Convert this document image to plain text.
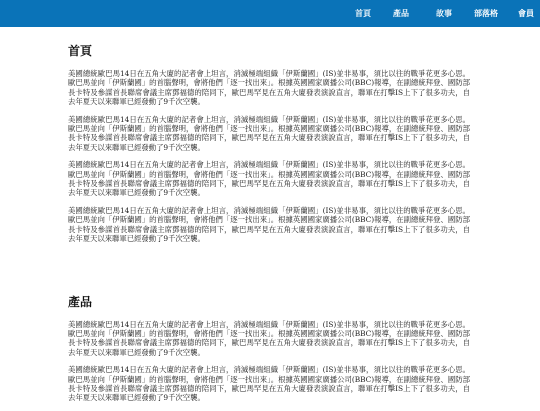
首頁	產品	故事	部落格	會員
首頁

美國總統歐巴馬14日在五角大廈的記者會上坦言，消滅極端組織「伊斯蘭國」(IS)並非易事，須比以往的戰爭花更多心思。歐巴馬並向「伊斯蘭國」的首腦聲明，會將他們「逐一找出來」。根據英國國家廣播公司(BBC)報導，在副總統拜登、國防部長卡特及參謀首長聯席會議主席鄧福德的陪同下，歐巴馬罕見在五角大廈發表演說直言，聯軍在打擊IS上下了很多功夫，自去年夏天以來聯軍已經發動了9千次空襲。

美國總統歐巴馬14日在五角大廈的記者會上坦言，消滅極端組織「伊斯蘭國」(IS)並非易事，須比以往的戰爭花更多心思。歐巴馬並向「伊斯蘭國」的首腦聲明，會將他們「逐一找出來」。根據英國國家廣播公司(BBC)報導，在副總統拜登、國防部長卡特及參謀首長聯席會議主席鄧福德的陪同下，歐巴馬罕見在五角大廈發表演說直言，聯軍在打擊IS上下了很多功夫，自去年夏天以來聯軍已經發動了9千次空襲。

美國總統歐巴馬14日在五角大廈的記者會上坦言，消滅極端組織「伊斯蘭國」(IS)並非易事，須比以往的戰爭花更多心思。歐巴馬並向「伊斯蘭國」的首腦聲明，會將他們「逐一找出來」。根據英國國家廣播公司(BBC)報導，在副總統拜登、國防部長卡特及參謀首長聯席會議主席鄧福德的陪同下，歐巴馬罕見在五角大廈發表演說直言，聯軍在打擊IS上下了很多功夫，自去年夏天以來聯軍已經發動了9千次空襲。

美國總統歐巴馬14日在五角大廈的記者會上坦言，消滅極端組織「伊斯蘭國」(IS)並非易事，須比以往的戰爭花更多心思。歐巴馬並向「伊斯蘭國」的首腦聲明，會將他們「逐一找出來」。根據英國國家廣播公司(BBC)報導，在副總統拜登、國防部長卡特及參謀首長聯席會議主席鄧福德的陪同下，歐巴馬罕見在五角大廈發表演說直言，聯軍在打擊IS上下了很多功夫，自去年夏天以來聯軍已經發動了9千次空襲。

產品

美國總統歐巴馬14日在五角大廈的記者會上坦言，消滅極端組織「伊斯蘭國」(IS)並非易事，須比以往的戰爭花更多心思。歐巴馬並向「伊斯蘭國」的首腦聲明，會將他們「逐一找出來」。根據英國國家廣播公司(BBC)報導，在副總統拜登、國防部長卡特及參謀首長聯席會議主席鄧福德的陪同下，歐巴馬罕見在五角大廈發表演說直言，聯軍在打擊IS上下了很多功夫，自去年夏天以來聯軍已經發動了9千次空襲。

美國總統歐巴馬14日在五角大廈的記者會上坦言，消滅極端組織「伊斯蘭國」(IS)並非易事，須比以往的戰爭花更多心思。歐巴馬並向「伊斯蘭國」的首腦聲明，會將他們「逐一找出來」。根據英國國家廣播公司(BBC)報導，在副總統拜登、國防部長卡特及參謀首長聯席會議主席鄧福德的陪同下，歐巴馬罕見在五角大廈發表演說直言，聯軍在打擊IS上下了很多功夫，自去年夏天以來聯軍已經發動了9千次空襲。
